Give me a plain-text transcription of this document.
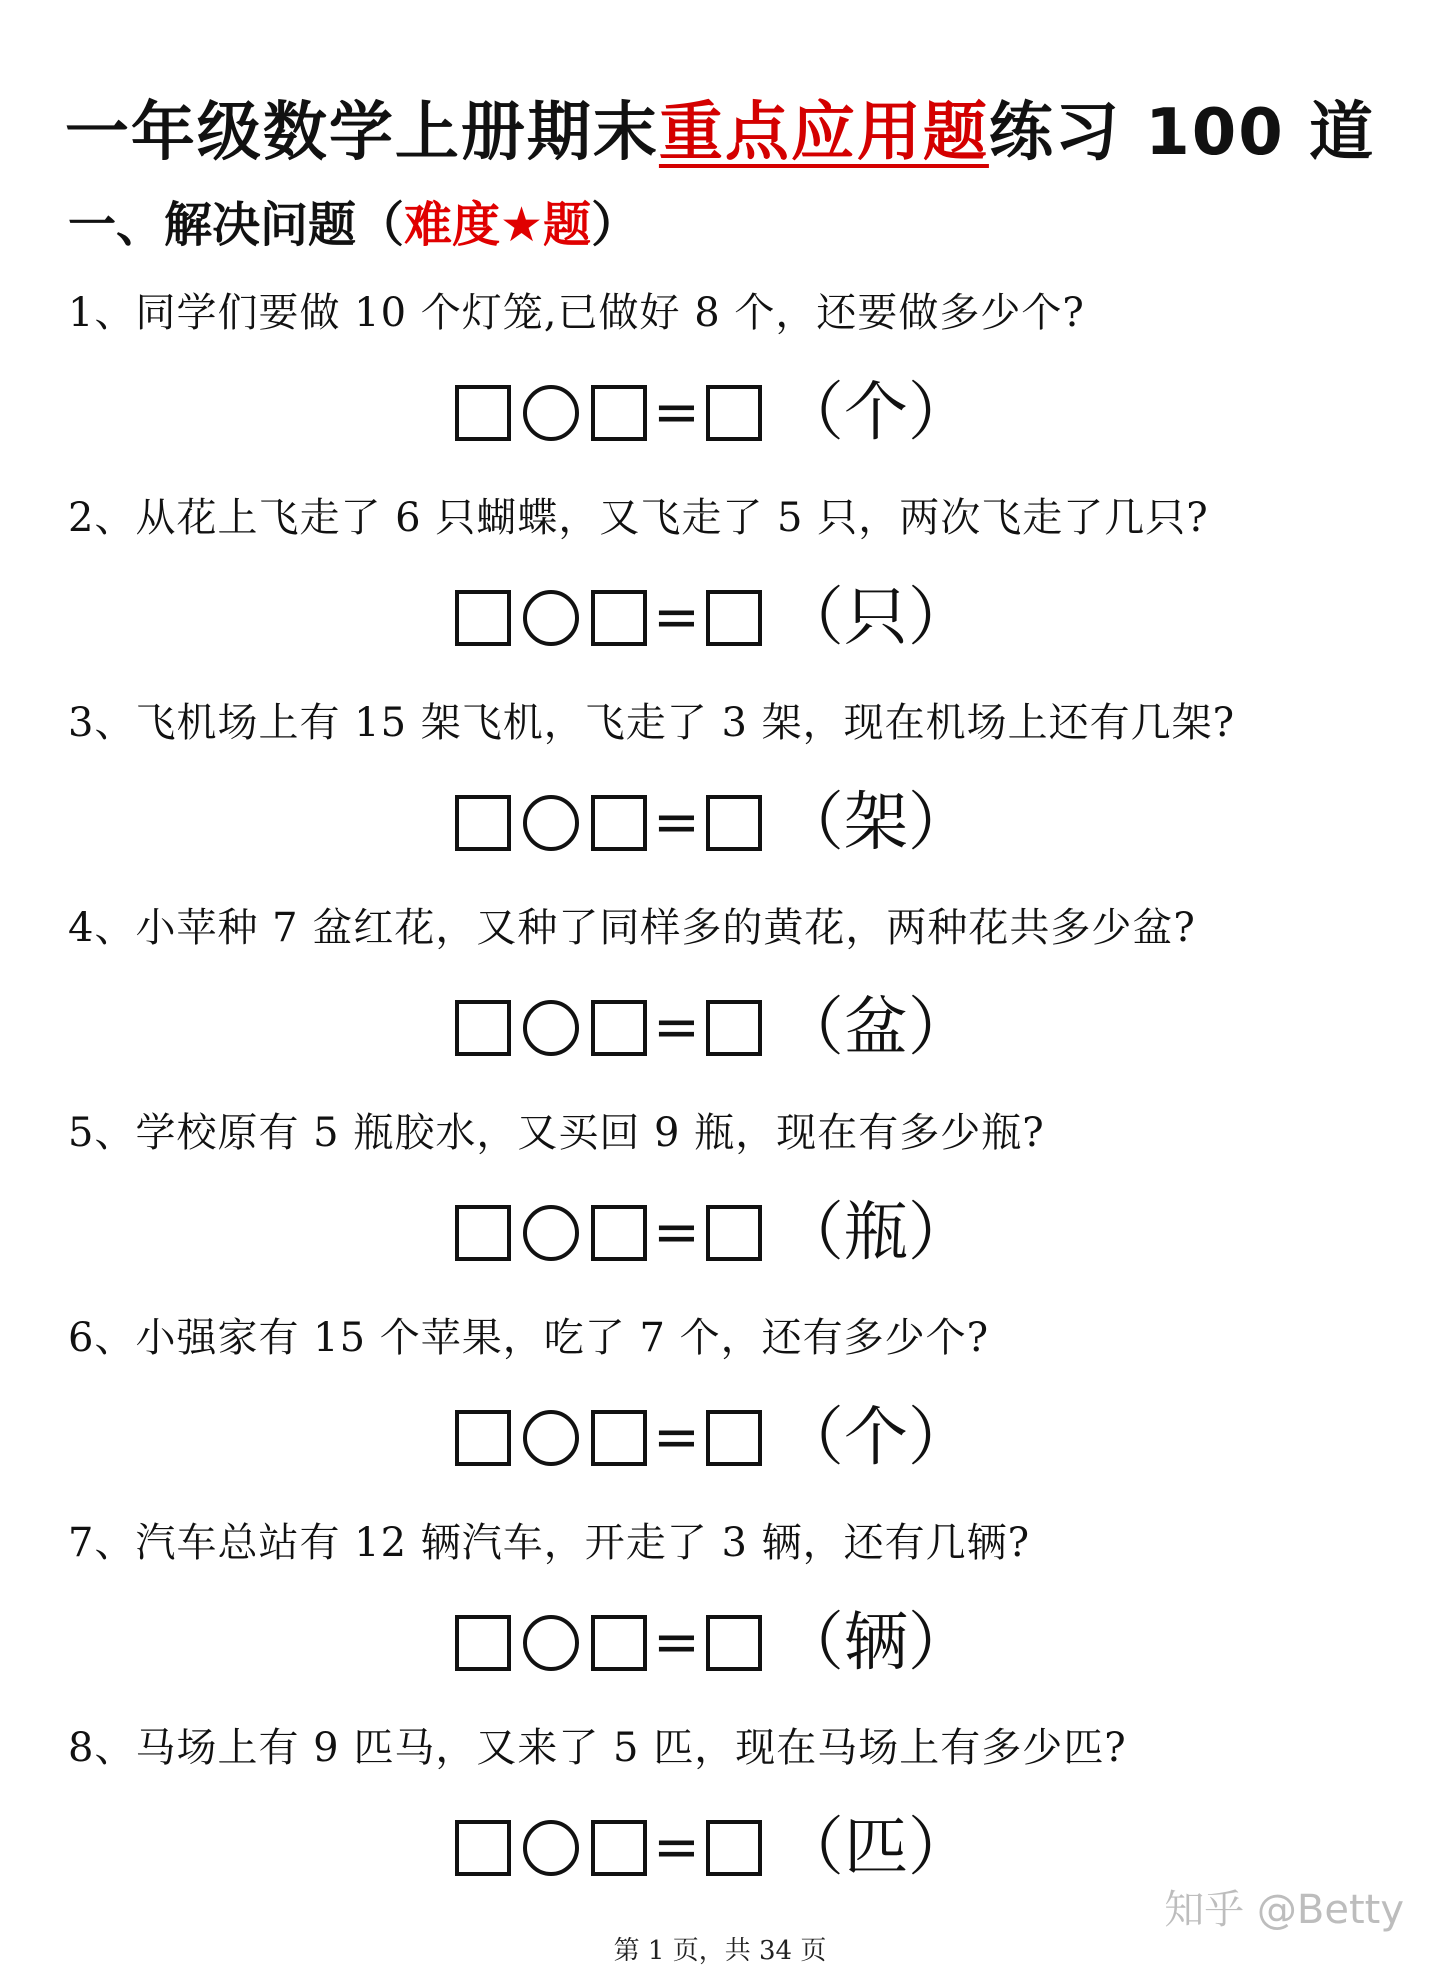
一年级数学上册期末重点应用题练习 100 道
一、解决问题（难度★题）
1、同学们要做 10 个灯笼,已做好 8 个，还要做多少个?
= （个）
2、从花上飞走了 6 只蝴蝶，又飞走了 5 只，两次飞走了几只?
= （只）
3、飞机场上有 15 架飞机，飞走了 3 架，现在机场上还有几架?
= （架）
4、小苹种 7 盆红花，又种了同样多的黄花，两种花共多少盆?
= （盆）
5、学校原有 5 瓶胶水，又买回 9 瓶，现在有多少瓶?
= （瓶）
6、小强家有 15 个苹果，吃了 7 个，还有多少个?
= （个）
7、汽车总站有 12 辆汽车，开走了 3 辆，还有几辆?
= （辆）
8、马场上有 9 匹马，又来了 5 匹，现在马场上有多少匹?
= （匹）
知乎 @Betty
第 1 页，共 34 页
